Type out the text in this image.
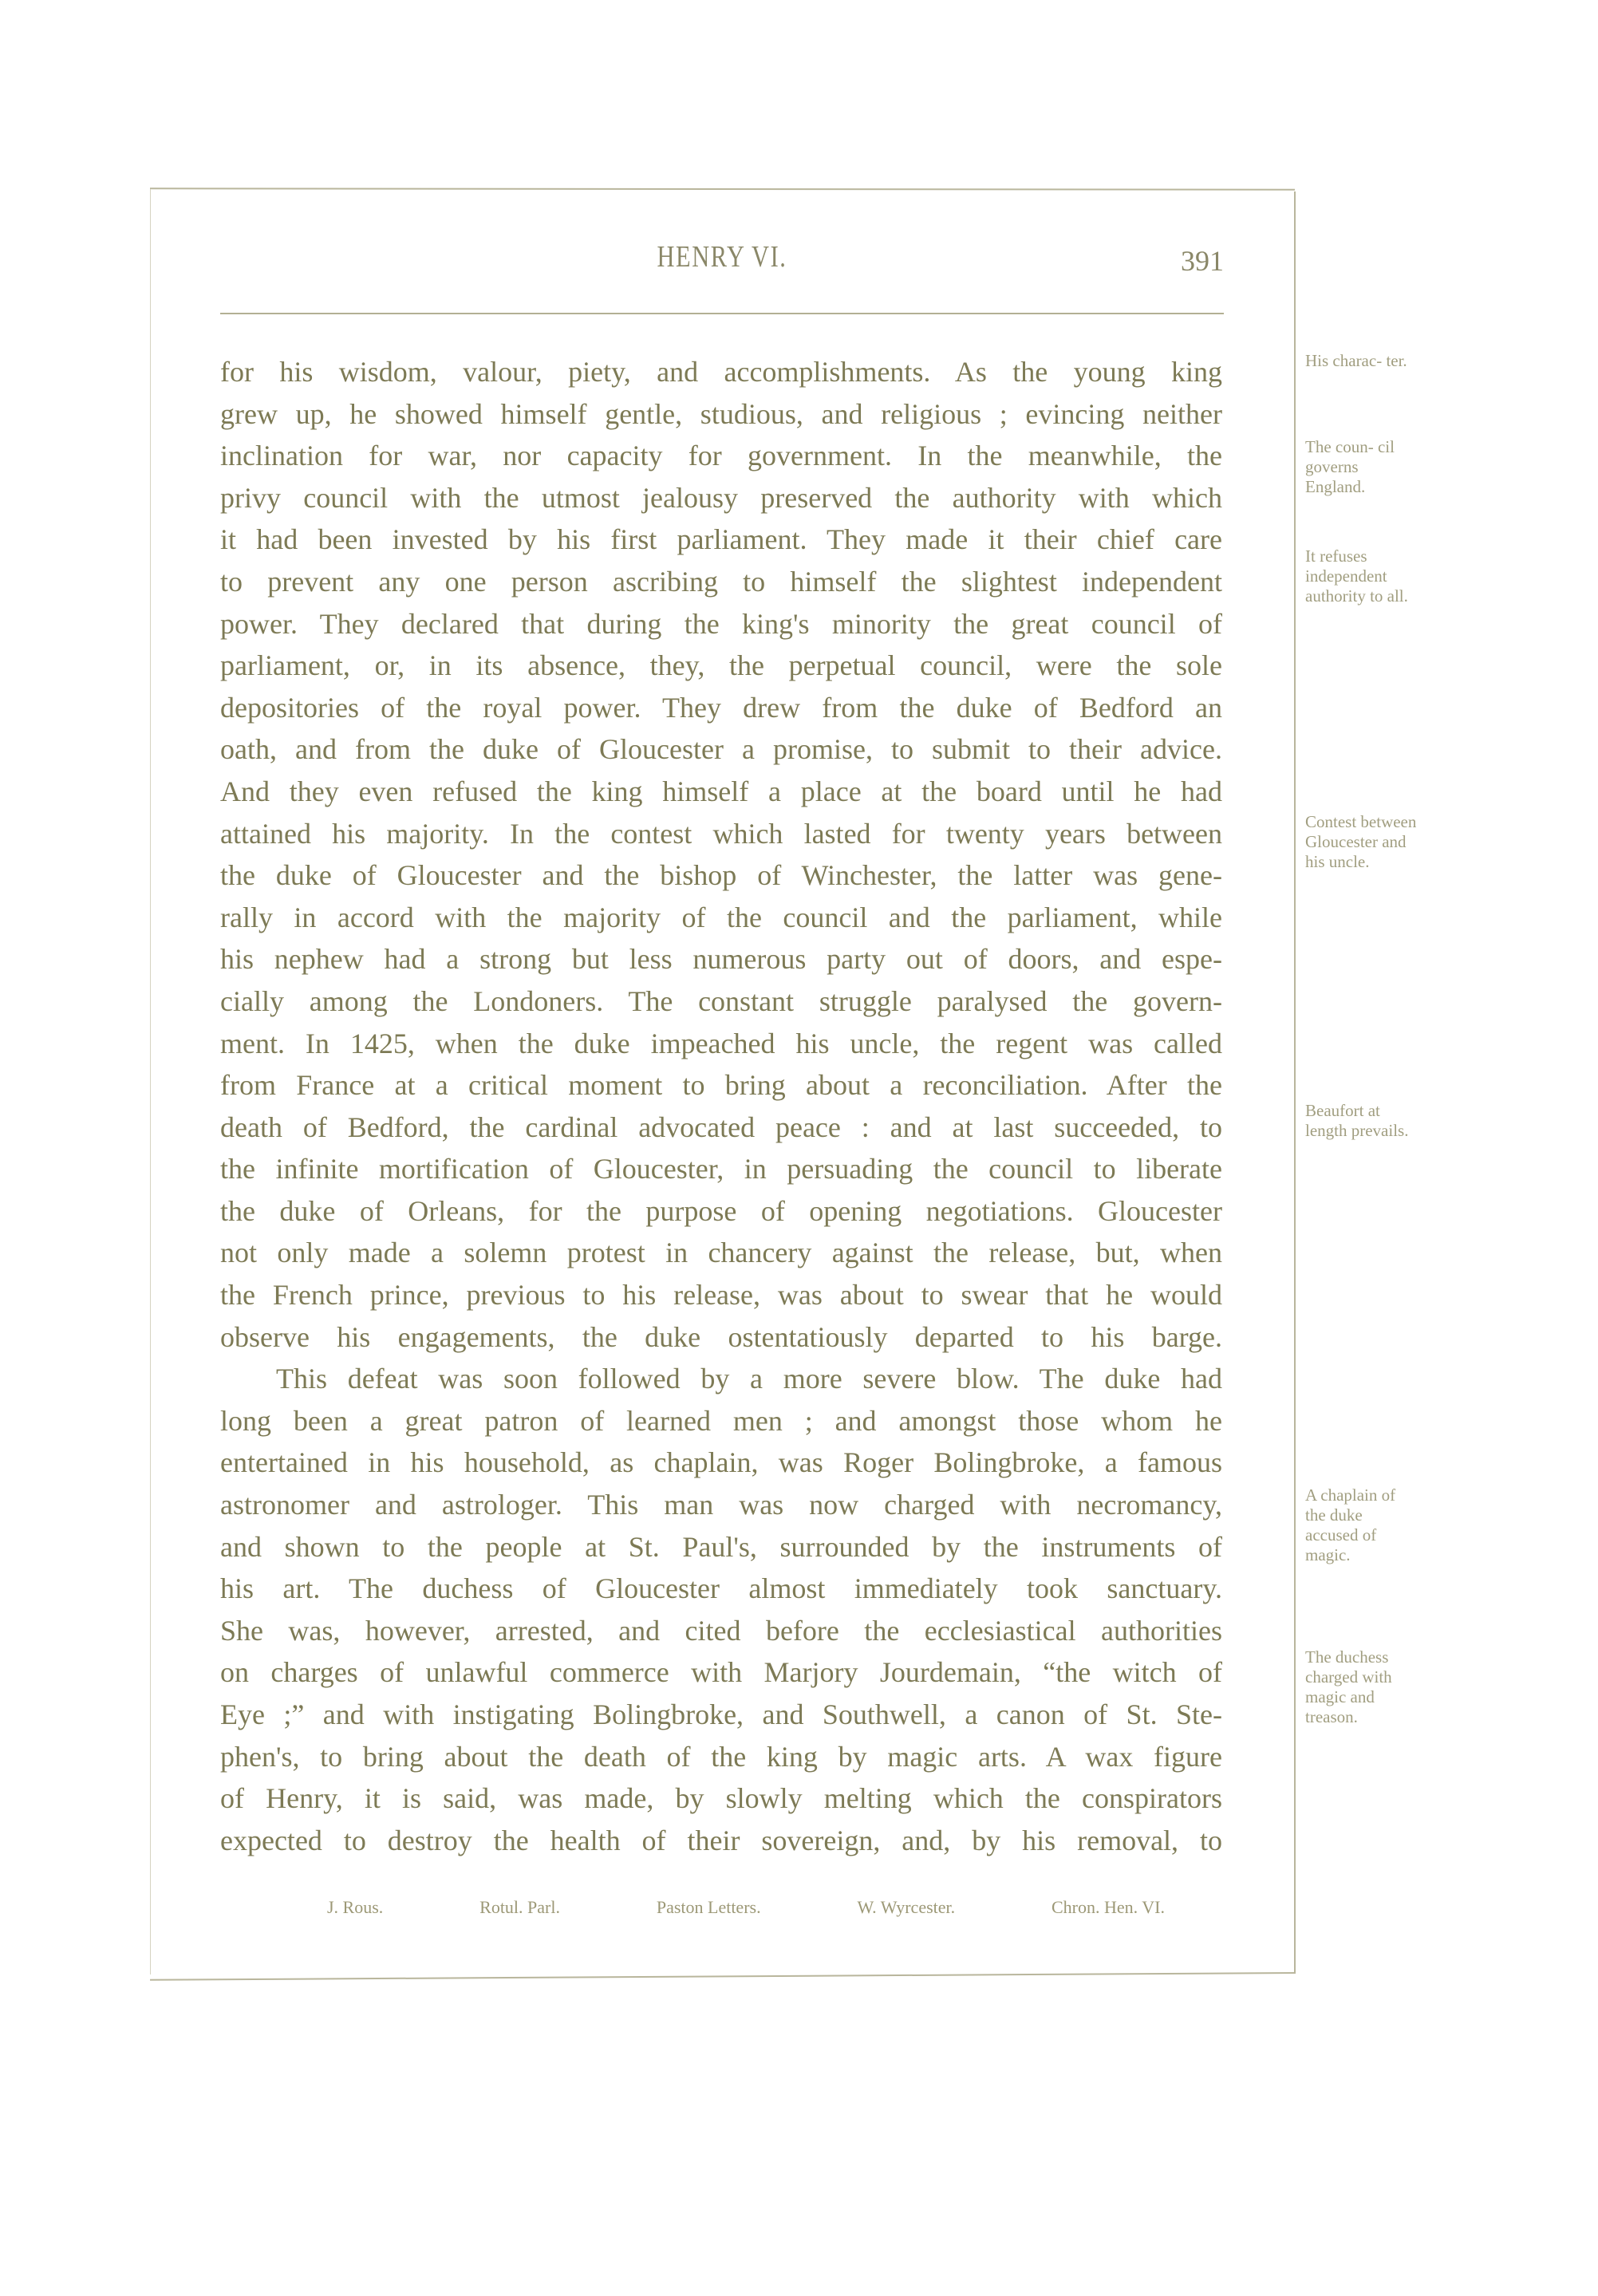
HENRY VI.	391
for his wisdom, valour, piety, and accomplishments. As the young king
grew up, he showed himself gentle, studious, and religious ; evincing neither
inclination for war, nor capacity for government. In the meanwhile, the
privy council with the utmost jealousy preserved the authority with which
it had been invested by his first parliament. They made it their chief care
to prevent any one person ascribing to himself the slightest independent
power. They declared that during the king's minority the great council of
parliament, or, in its absence, they, the perpetual council, were the sole
depositories of the royal power. They drew from the duke of Bedford an
oath, and from the duke of Gloucester a promise, to submit to their advice.
And they even refused the king himself a place at the board until he had
attained his majority. In the contest which lasted for twenty years between
the duke of Gloucester and the bishop of Winchester, the latter was gene-
rally in accord with the majority of the council and the parliament, while
his nephew had a strong but less numerous party out of doors, and espe-
cially among the Londoners. The constant struggle paralysed the govern-
ment. In 1425, when the duke impeached his uncle, the regent was called
from France at a critical moment to bring about a reconciliation. After the
death of Bedford, the cardinal advocated peace : and at last succeeded, to
the infinite mortification of Gloucester, in persuading the council to liberate
the duke of Orleans, for the purpose of opening negotiations. Gloucester
not only made a solemn protest in chancery against the release, but, when
the French prince, previous to his release, was about to swear that he would
observe his engagements, the duke ostentatiously departed to his barge.
This defeat was soon followed by a more severe blow. The duke had
long been a great patron of learned men ; and amongst those whom he
entertained in his household, as chaplain, was Roger Bolingbroke, a famous
astronomer and astrologer. This man was now charged with necromancy,
and shown to the people at St. Paul's, surrounded by the instruments of
his art. The duchess of Gloucester almost immediately took sanctuary.
She was, however, arrested, and cited before the ecclesiastical authorities
on charges of unlawful commerce with Marjory Jourdemain, “the witch of
Eye ;” and with instigating Bolingbroke, and Southwell, a canon of St. Ste-
phen's, to bring about the death of the king by magic arts. A wax figure
of Henry, it is said, was made, by slowly melting which the conspirators
expected to destroy the health of their sovereign, and, by his removal, to
His charac- ter.
The coun- cil governs England.
It refuses independent authority to all.
Contest between Gloucester and his uncle.
Beaufort at length prevails.
A chaplain of the duke accused of magic.
The duchess charged with magic and treason.
J. Rous.	Rotul. Parl.	Paston Letters.	W. Wyrcester.	Chron. Hen. VI.
